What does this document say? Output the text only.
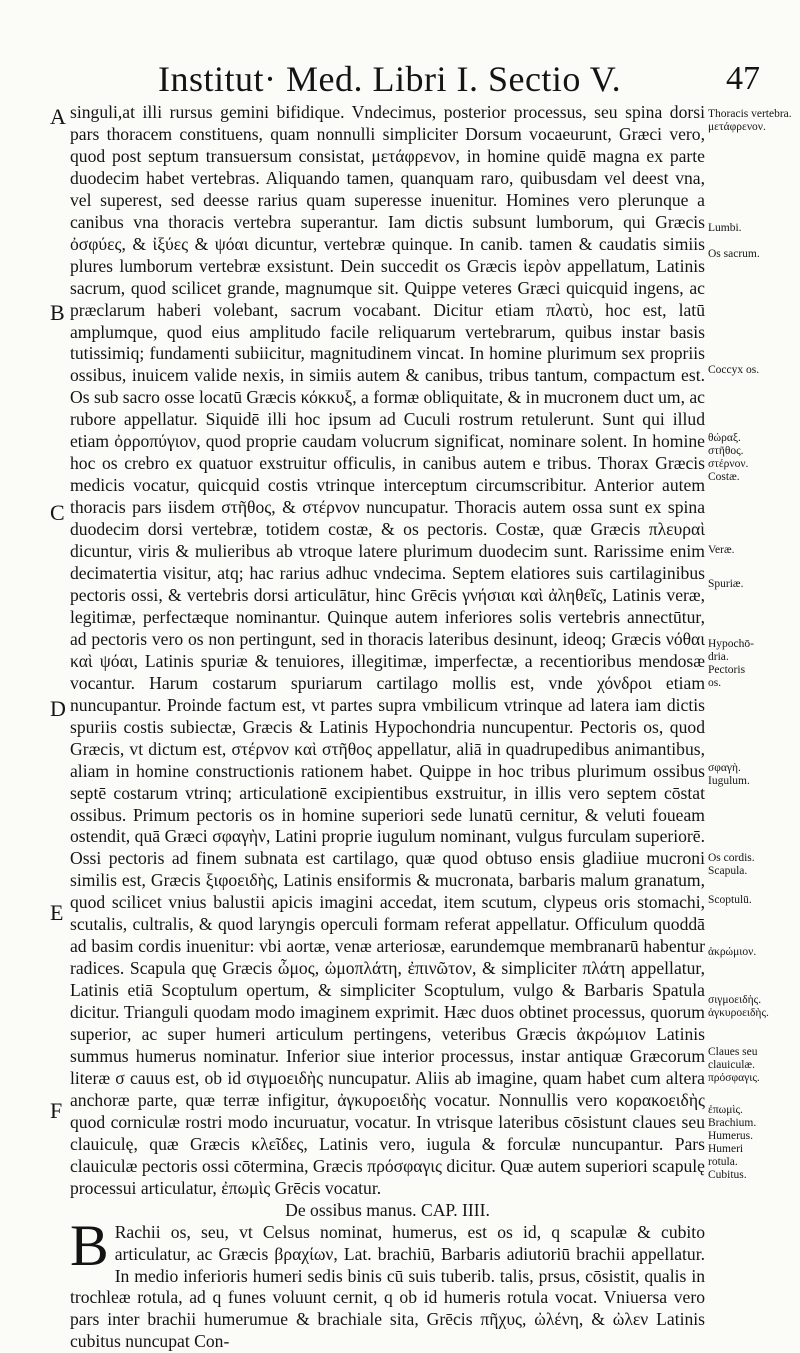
Institut· Med. Libri I. Sectio V.	47
A
B
C
D
E
F

singuli,at illi rursus gemini bifidique. Vndecimus, posterior processus, seu spina dorsi pars thoracem constituens, quam nonnulli simpliciter Dorsum vocaeurunt, Græci vero, quod post septum transuersum consistat, μετάφρενον, in homine quidē magna ex parte duodecim habet vertebras. Aliquando tamen, quanquam raro, quibusdam vel deest vna, vel superest, sed deesse rarius quam superesse inuenitur. Homines vero plerunque a canibus vna thoracis vertebra superantur. Iam dictis subsunt lumborum, qui Græcis ὀσφύες, & ἰξύες & ψόαι dicuntur, vertebræ quinque. In canib. tamen & caudatis simiis plures lumborum vertebræ exsistunt. Dein succedit os Græcis ἱερὸν appellatum, Latinis sacrum, quod scilicet grande, magnumque sit. Quippe veteres Græci quicquid ingens, ac præclarum haberi volebant, sacrum vocabant. Dicitur etiam πλατὺ, hoc est, latū amplumque, quod eius amplitudo facile reliquarum vertebrarum, quibus instar basis tutissimiq; fundamenti subiicitur, magnitudinem vincat. In homine plurimum sex propriis ossibus, inuicem valide nexis, in simiis autem & canibus, tribus tantum, compactum est. Os sub sacro osse locatū Græcis κόκκυξ, a formæ obliquitate, & in mucronem duct um, ac rubore appellatur. Siquidē illi hoc ipsum ad Cuculi rostrum retulerunt. Sunt qui illud etiam ὀρροπύγιον, quod proprie caudam volucrum significat, nominare solent. In homine hoc os crebro ex quatuor exstruitur officulis, in canibus autem e tribus. Thorax Græcis medicis vocatur, quicquid costis vtrinque interceptum circumscribitur. Anterior autem thoracis pars iisdem στῆθος, & στέρνον nuncupatur. Thoracis autem ossa sunt ex spina duodecim dorsi vertebræ, totidem costæ, & os pectoris. Costæ, quæ Græcis πλευραὶ dicuntur, viris & mulieribus ab vtroque latere plurimum duodecim sunt. Rarissime enim decimatertia visitur, atq; hac rarius adhuc vndecima. Septem elatiores suis cartilaginibus pectoris ossi, & vertebris dorsi articulātur, hinc Grēcis γνήσιαι καὶ ἀληθεῖς, Latinis veræ, legitimæ, perfectæque nominantur. Quinque autem inferiores solis vertebris annectūtur, ad pectoris vero os non pertingunt, sed in thoracis lateribus desinunt, ideoq; Græcis νόθαι καὶ ψόαι, Latinis spuriæ & tenuiores, illegitimæ, imperfectæ, a recentioribus mendosæ vocantur. Harum costarum spuriarum cartilago mollis est, vnde χόνδροι etiam nuncupantur. Proinde factum est, vt partes supra vmbilicum vtrinque ad latera iam dictis spuriis costis subiectæ, Græcis & Latinis Hypochondria nuncupentur. Pectoris os, quod Græcis, vt dictum est, στέρνον καὶ στῆθος appellatur, aliā in quadrupedibus animantibus, aliam in homine constructionis rationem habet. Quippe in hoc tribus plurimum ossibus septē costarum vtrinq; articulationē excipientibus exstruitur, in illis vero septem cōstat ossibus. Primum pectoris os in homine superiori sede lunatū cernitur, & veluti foueam ostendit, quā Græci σφαγὴν, Latini proprie iugulum nominant, vulgus furculam superiorē. Ossi pectoris ad finem subnata est cartilago, quæ quod obtuso ensis gladiiue mucroni similis est, Græcis ξιφοειδὴς, Latinis ensiformis & mucronata, barbaris malum granatum, quod scilicet vnius balustii apicis imagini accedat, item scutum, clypeus oris stomachi, scutalis, cultralis, & quod laryngis operculi formam referat appellatur. Officulum quoddā ad basim cordis inuenitur: vbi aortæ, venæ arteriosæ, earundemque membranarū habentur radices. Scapula quę Græcis ὦμος, ὠμοπλάτη, ἐπινῶτον, & simpliciter πλάτη appellatur, Latinis etiā Scoptulum opertum, & simpliciter Scoptulum, vulgo & Barbaris Spatula dicitur. Trianguli quodam modo imaginem exprimit. Hæc duos obtinet processus, quorum superior, ac super humeri articulum pertingens, veteribus Græcis ἀκρώμιον Latinis summus humerus nominatur. Inferior siue interior processus, instar antiquæ Græcorum literæ σ cauus est, ob id σιγμοειδὴς nuncupatur. Aliis ab imagine, quam habet cum altera anchoræ parte, quæ terræ infigitur, ἀγκυροειδὴς vocatur. Nonnullis vero κορακοειδὴς quod corniculæ rostri modo incuruatur, vocatur. In vtrisque lateribus cōsistunt claues seu clauiculę, quæ Græcis κλεῖδες, Latinis vero, iugula & forculæ nuncupantur. Pars clauiculæ pectoris ossi cōtermina, Græcis πρόσφαγις dicitur. Quæ autem superiori scapulę processui articulatur, ἐπωμὶς Grēcis vocatur.

De ossibus manus. CAP. IIII.

B Rachii os, seu, vt Celsus nominat, humerus, est os id, q scapulæ & cubito articulatur, ac Græcis βραχίων, Lat. brachiū, Barbaris adiutoriū brachii appellatur. In medio inferioris humeri sedis binis cū suis tuberib. talis, prsus, cōsistit, qualis in trochleæ rotula, ad q funes voluunt cernit, q ob id humeris rotula vocat. Vniuersa vero pars inter brachii humerumue & brachiale sita, Grēcis πῆχυς, ὠλένη, & ὠλεν Latinis cubitus nuncupat Con-

Thoracis vertebra.
μετάφρενον.
Lumbi.
Os sacrum.
Coccyx os.
θώραξ.
στῆθος.
στέρνον.
Costæ.
Veræ.
Spuriæ.
Hypochō-
dria.
Pectoris
os.
σφαγὴ.
Iugulum.
Os cordis.
Scapula.
Scoptulū.
ἀκρώμιον.
σιγμοειδὴς.
ἀγκυροειδὴς.
Claues seu
clauiculæ.
πρόσφαγις.
ἐπωμὶς.
Brachium.
Humerus.
Humeri
rotula.
Cubitus.
